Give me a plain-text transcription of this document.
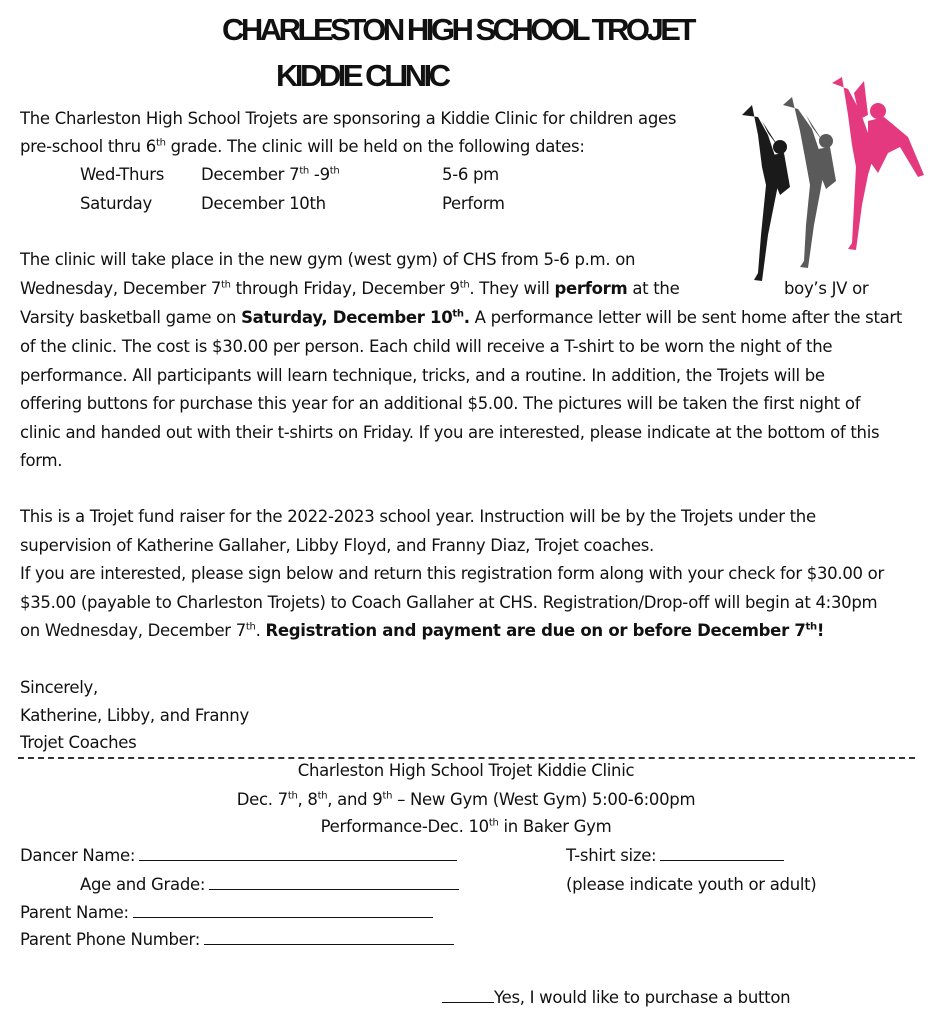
CHARLESTON HIGH SCHOOL TROJET
KIDDIE CLINIC
The Charleston High School Trojets are sponsoring a Kiddie Clinic for children ages
pre-school thru 6th grade. The clinic will be held on the following dates:
Wed-Thurs December 7th -9th	5-6 pm
Saturday	December 10th	Perform
The clinic will take place in the new gym (west gym) of CHS from 5-6 p.m. on
Wednesday, December 7th through Friday, December 9th. They will perform at the	boy’s JV or
Varsity basketball game on Saturday, December 10th. A performance letter will be sent home after the start
of the clinic. The cost is $30.00 per person. Each child will receive a T-shirt to be worn the night of the
performance. All participants will learn technique, tricks, and a routine. In addition, the Trojets will be
offering buttons for purchase this year for an additional $5.00. The pictures will be taken the first night of
clinic and handed out with their t-shirts on Friday. If you are interested, please indicate at the bottom of this
form.
This is a Trojet fund raiser for the 2022-2023 school year. Instruction will be by the Trojets under the
supervision of Katherine Gallaher, Libby Floyd, and Franny Diaz, Trojet coaches.
If you are interested, please sign below and return this registration form along with your check for $30.00 or
$35.00 (payable to Charleston Trojets) to Coach Gallaher at CHS. Registration/Drop-off will begin at 4:30pm
on Wednesday, December 7th. Registration and payment are due on or before December 7th!
Sincerely,
Katherine, Libby, and Franny
Trojet Coaches
Charleston High School Trojet Kiddie Clinic
Dec. 7th, 8th, and 9th – New Gym (West Gym) 5:00-6:00pm
Performance-Dec. 10th in Baker Gym
Dancer Name:	T-shirt size:
Age and Grade:	(please indicate youth or adult)
Parent Name:
Parent Phone Number:
Yes, I would like to purchase a button
